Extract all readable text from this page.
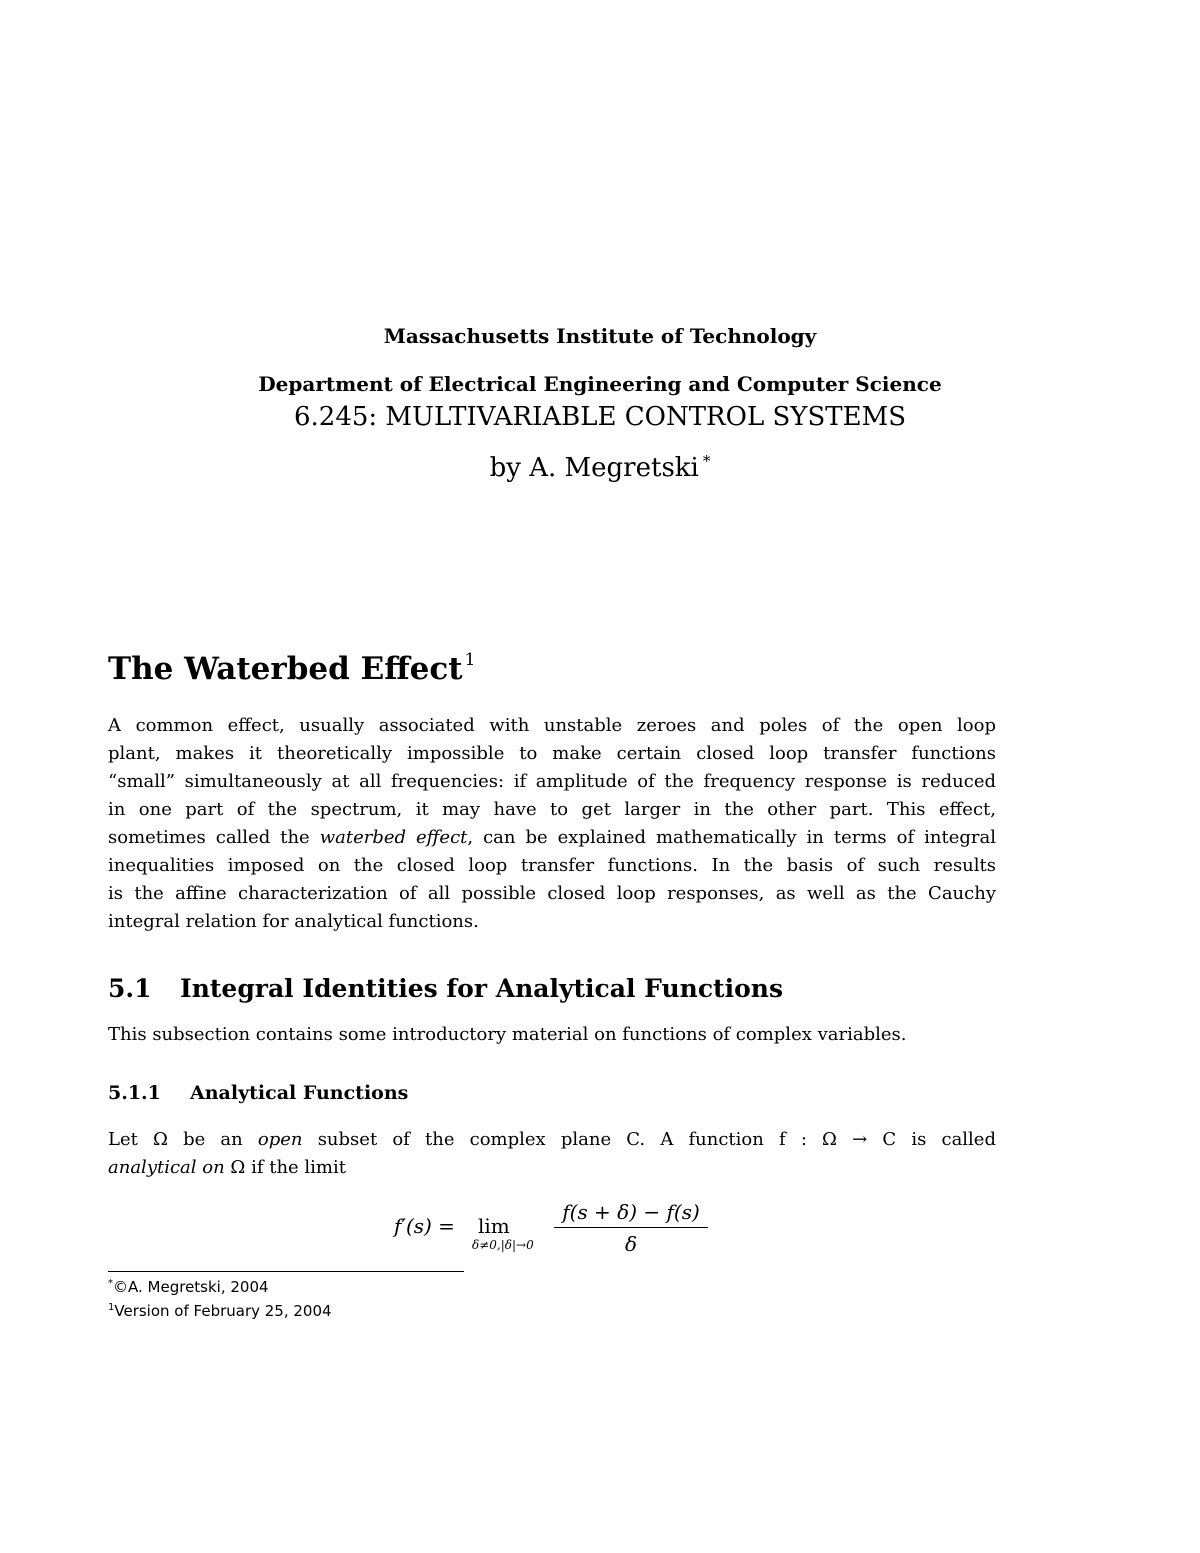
Massachusetts Institute of Technology
Department of Electrical Engineering and Computer Science
6.245: MULTIVARIABLE CONTROL SYSTEMS
by A. Megretski *
The Waterbed Effect $^1$
A common effect, usually associated with unstable zeroes and poles of the open loop
plant, makes it theoretically impossible to make certain closed loop transfer functions
“small” simultaneously at all frequencies: if amplitude of the frequency response is reduced
in one part of the spectrum, it may have to get larger in the other part. This effect,
sometimes called the waterbed effect, can be explained mathematically in terms of integral
inequalities imposed on the closed loop transfer functions. In the basis of such results
is the affine characterization of all possible closed loop responses, as well as the Cauchy
integral relation for analytical functions.
5.1 Integral Identities for Analytical Functions
This subsection contains some introductory material on functions of complex variables.
5.1.1 Analytical Functions
Let Ω be an open subset of the complex plane C. A function f : Ω → C is called
analytical on Ω if the limit
f′(s) = lim
δ≠0,|δ|→0
f(s + δ) − f(s)
δ
*©A. Megretski, 2004
$^1$Version of February 25, 2004
